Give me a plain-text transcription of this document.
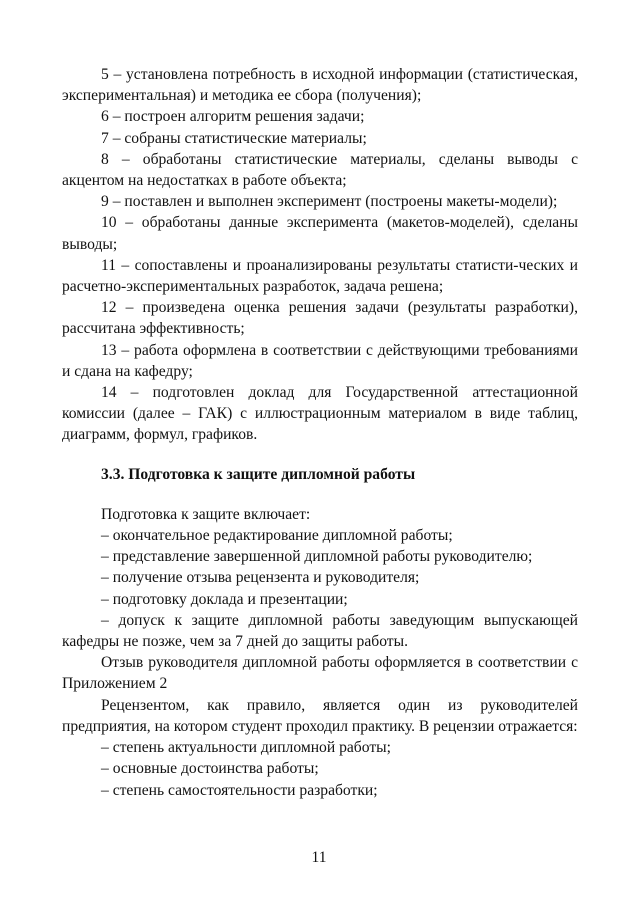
5 – установлена потребность в исходной информации (статистическая, экспериментальная) и методика ее сбора (получения);

6 – построен алгоритм решения задачи;

7 – собраны статистические материалы;

8 – обработаны статистические материалы, сделаны выводы с акцентом на недостатках в работе объекта;

9 – поставлен и выполнен эксперимент (построены макеты-модели);

10 – обработаны данные эксперимента (макетов-моделей), сделаны выводы;

11 – сопоставлены и проанализированы результаты статисти-ческих и расчетно-экспериментальных разработок, задача решена;

12 – произведена оценка решения задачи (результаты разработки), рассчитана эффективность;

13 – работа оформлена в соответствии с действующими требованиями и сдана на кафедру;

14 – подготовлен доклад для Государственной аттестационной комиссии (далее – ГАК) с иллюстрационным материалом в виде таблиц, диаграмм, формул, графиков.

3.3. Подготовка к защите дипломной работы

Подготовка к защите включает:

– окончательное редактирование дипломной работы;

– представление завершенной дипломной работы руководителю;

– получение отзыва рецензента и руководителя;

– подготовку доклада и презентации;

– допуск к защите дипломной работы заведующим выпускающей кафедры не позже, чем за 7 дней до защиты работы.

Отзыв руководителя дипломной работы оформляется в соответствии с Приложением 2

Рецензентом, как правило, является один из руководителей предприятия, на котором студент проходил практику. В рецензии отражается:

– степень актуальности дипломной работы;

– основные достоинства работы;

– степень самостоятельности разработки;

11
